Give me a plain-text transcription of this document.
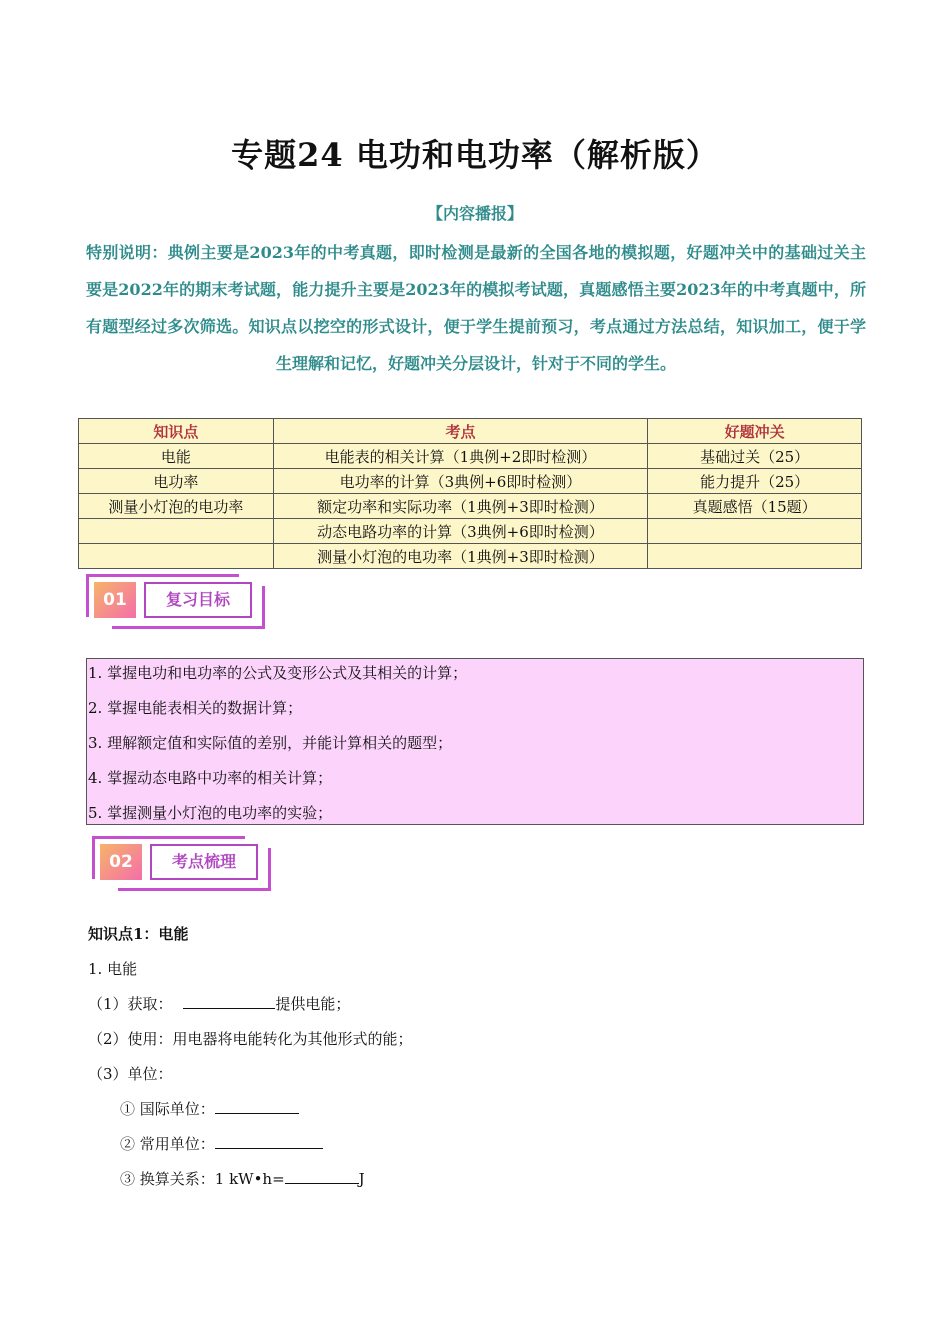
专题24 电功和电功率（解析版）
【内容播报】
特别说明：典例主要是2023年的中考真题，即时检测是最新的全国各地的模拟题，好题冲关中的基础过关主要是2022年的期末考试题，能力提升主要是2023年的模拟考试题，真题感悟主要2023年的中考真题中，所有题型经过多次筛选。知识点以挖空的形式设计，便于学生提前预习，考点通过方法总结，知识加工，便于学生理解和记忆，好题冲关分层设计，针对于不同的学生。
知识点	考点	好题冲关
电能	电能表的相关计算（1典例+2即时检测）	基础过关（25）
电功率	电功率的计算（3典例+6即时检测）	能力提升（25）
测量小灯泡的电功率	额定功率和实际功率（1典例+3即时检测）	真题感悟（15题）
	动态电路功率的计算（3典例+6即时检测）	
	测量小灯泡的电功率（1典例+3即时检测）	
01	复习目标
1. 掌握电功和电功率的公式及变形公式及其相关的计算；
2. 掌握电能表相关的数据计算；
3. 理解额定值和实际值的差别，并能计算相关的题型；
4. 掌握动态电路中功率的相关计算；
5. 掌握测量小灯泡的电功率的实验；
02	考点梳理
知识点1：电能
1. 电能
（1）获取：	提供电能；
（2）使用：用电器将电能转化为其他形式的能；
（3）单位：
① 国际单位：
② 常用单位：
③ 换算关系：1 kW•h=	J
